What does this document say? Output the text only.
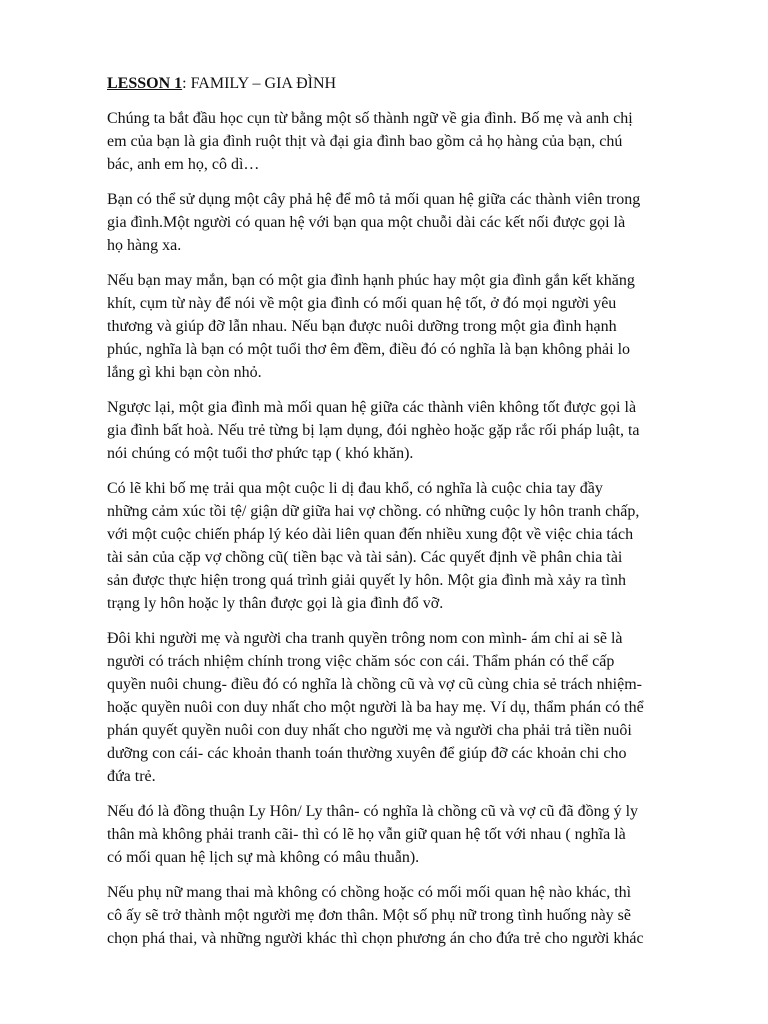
LESSON 1: FAMILY – GIA ĐÌNH
Chúng ta bắt đầu học cụn từ bằng một số thành ngữ về gia đình. Bố mẹ và anh chị
em của bạn là gia đình ruột thịt và đại gia đình bao gồm cả họ hàng của bạn, chú
bác, anh em họ, cô dì…
Bạn có thể sử dụng một cây phả hệ để mô tả mối quan hệ giữa các thành viên trong
gia đình.Một người có quan hệ với bạn qua một chuỗi dài các kết nối được gọi là
họ hàng xa.
Nếu bạn may mắn, bạn có một gia đình hạnh phúc hay một gia đình gắn kết khăng
khít, cụm từ này để nói về một gia đình có mối quan hệ tốt, ở đó mọi người yêu
thương và giúp đỡ lẫn nhau. Nếu bạn được nuôi dưỡng trong một gia đình hạnh
phúc, nghĩa là bạn có một tuổi thơ êm đềm, điều đó có nghĩa là bạn không phải lo
lắng gì khi bạn còn nhỏ.
Ngược lại, một gia đình mà mối quan hệ giữa các thành viên không tốt được gọi là
gia đình bất hoà. Nếu trẻ từng bị lạm dụng, đói nghèo hoặc gặp rắc rối pháp luật, ta
nói chúng có một tuổi thơ phức tạp ( khó khăn).
Có lẽ khi bố mẹ trải qua một cuộc li dị đau khổ, có nghĩa là cuộc chia tay đầy
những cảm xúc tồi tệ/ giận dữ giữa hai vợ chồng. có những cuộc ly hôn tranh chấp,
với một cuộc chiến pháp lý kéo dài liên quan đến nhiều xung đột về việc chia tách
tài sản của cặp vợ chồng cũ( tiền bạc và tài sản). Các quyết định về phân chia tài
sản được thực hiện trong quá trình giải quyết ly hôn. Một gia đình mà xảy ra tình
trạng ly hôn hoặc ly thân được gọi là gia đình đổ vỡ.
Đôi khi người mẹ và người cha tranh quyền trông nom con mình- ám chỉ ai sẽ là
người có trách nhiệm chính trong việc chăm sóc con cái. Thẩm phán có thể cấp
quyền nuôi chung- điều đó có nghĩa là chồng cũ và vợ cũ cùng chia sẻ trách nhiệm-
hoặc quyền nuôi con duy nhất cho một người là ba hay mẹ. Ví dụ, thẩm phán có thể
phán quyết quyền nuôi con duy nhất cho người mẹ và người cha phải trả tiền nuôi
dưỡng con cái- các khoản thanh toán thường xuyên để giúp đỡ các khoản chi cho
đứa trẻ.
Nếu đó là đồng thuận Ly Hôn/ Ly thân- có nghĩa là chồng cũ và vợ cũ đã đồng ý ly
thân mà không phải tranh cãi- thì có lẽ họ vẫn giữ quan hệ tốt với nhau ( nghĩa là
có mối quan hệ lịch sự mà không có mâu thuẫn).
Nếu phụ nữ mang thai mà không có chồng hoặc có mối mối quan hệ nào khác, thì
cô ấy sẽ trở thành một người mẹ đơn thân. Một số phụ nữ trong tình huống này sẽ
chọn phá thai, và những người khác thì chọn phương án cho đứa trẻ cho người khác
